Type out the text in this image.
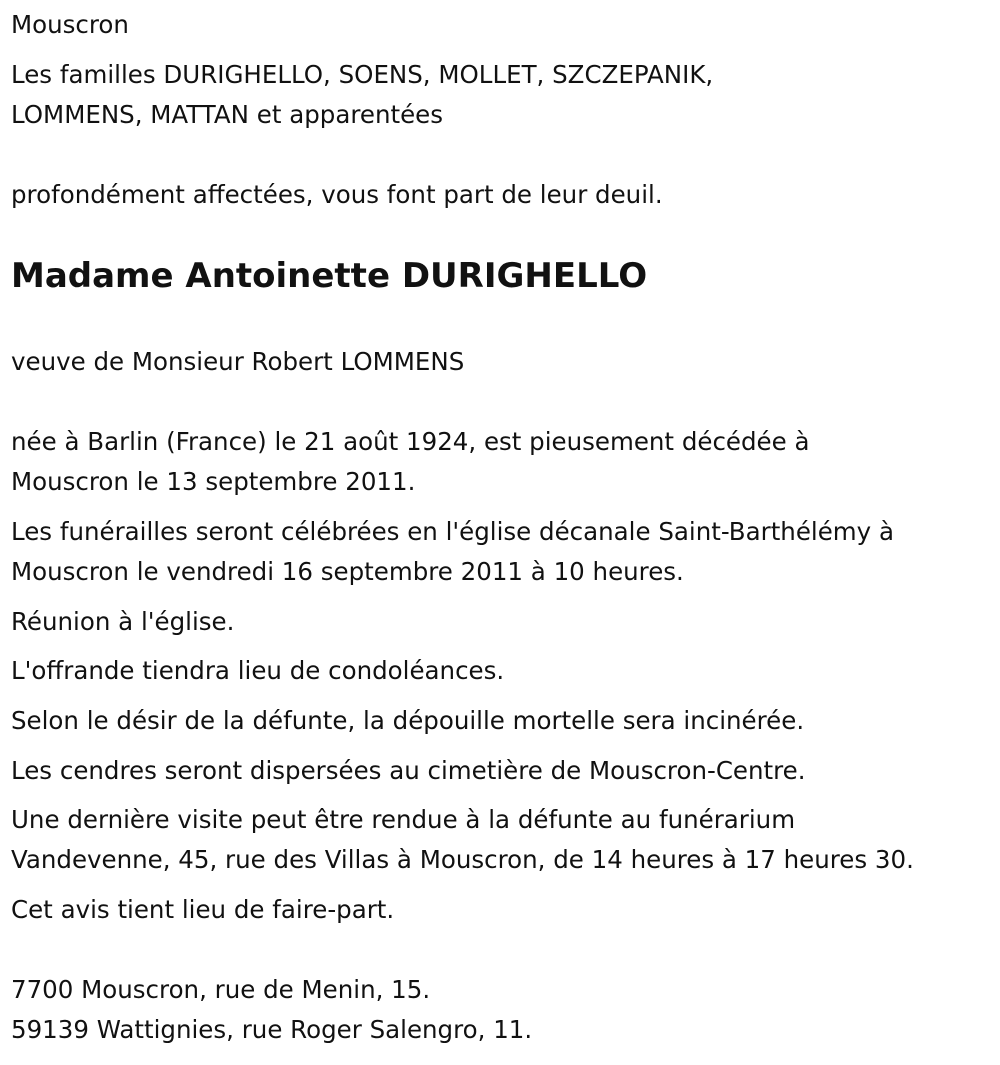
Mouscron

Les familles DURIGHELLO, SOENS, MOLLET, SZCZEPANIK,
LOMMENS, MATTAN et apparentées

profondément affectées, vous font part de leur deuil.

Madame Antoinette DURIGHELLO

veuve de Monsieur Robert LOMMENS

née à Barlin (France) le 21 août 1924, est pieusement décédée à
Mouscron le 13 septembre 2011.

Les funérailles seront célébrées en l'église décanale Saint-Barthélémy à
Mouscron le vendredi 16 septembre 2011 à 10 heures.

Réunion à l'église.

L'offrande tiendra lieu de condoléances.

Selon le désir de la défunte, la dépouille mortelle sera incinérée.

Les cendres seront dispersées au cimetière de Mouscron-Centre.

Une dernière visite peut être rendue à la défunte au funérarium
Vandevenne, 45, rue des Villas à Mouscron, de 14 heures à 17 heures 30.

Cet avis tient lieu de faire-part.

7700 Mouscron, rue de Menin, 15.
59139 Wattignies, rue Roger Salengro, 11.
